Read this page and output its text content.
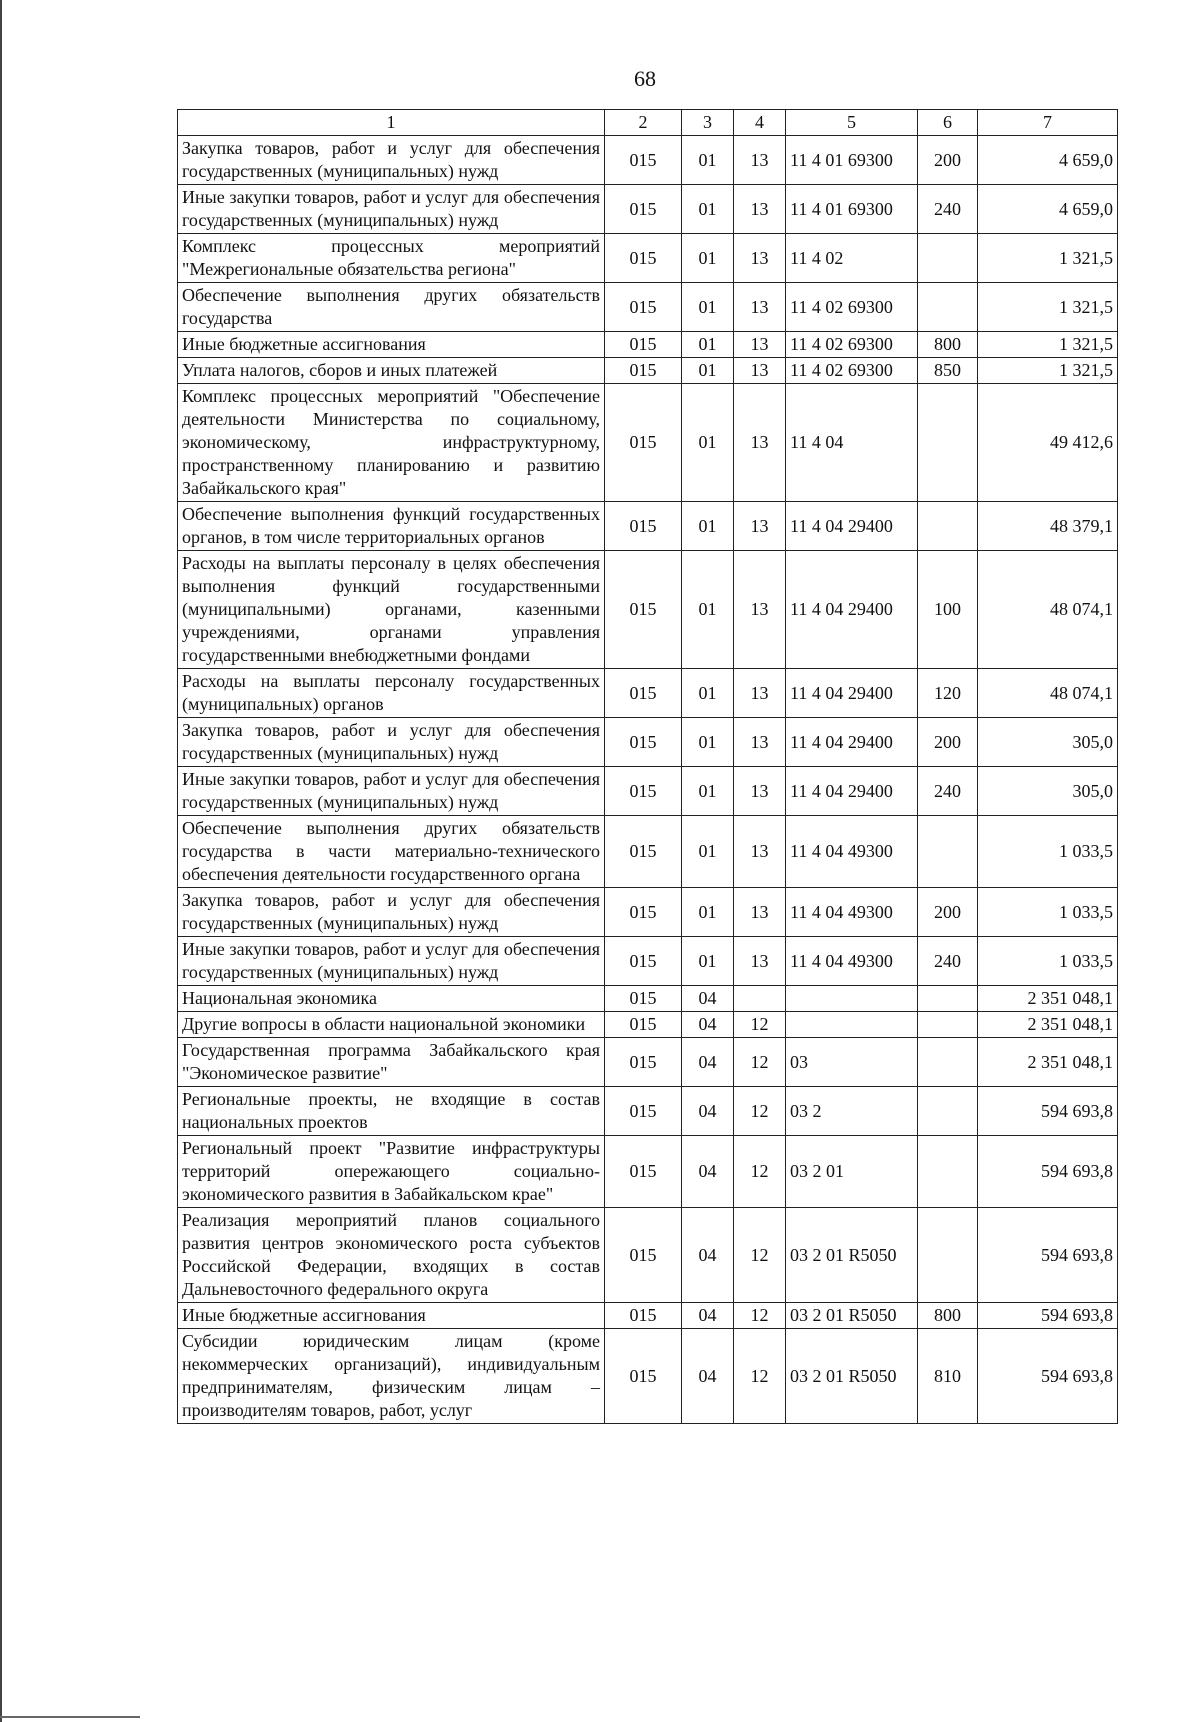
68
1	2	3	4	5	6	7
Закупка товаров, работ и услуг для обеспечения государственных (муниципальных) нужд	015	01	13	11 4 01 69300	200	4 659,0
Иные закупки товаров, работ и услуг для обеспечения государственных (муниципальных) нужд	015	01	13	11 4 01 69300	240	4 659,0
Комплекс процессных мероприятий "Межрегиональные обязательства региона"	015	01	13	11 4 02		1 321,5
Обеспечение выполнения других обязательств государства	015	01	13	11 4 02 69300		1 321,5
Иные бюджетные ассигнования	015	01	13	11 4 02 69300	800	1 321,5
Уплата налогов, сборов и иных платежей	015	01	13	11 4 02 69300	850	1 321,5
Комплекс процессных мероприятий "Обеспечение деятельности Министерства по социальному, экономическому, инфраструктурному, пространственному планированию и развитию Забайкальского края"	015	01	13	11 4 04		49 412,6
Обеспечение выполнения функций государственных органов, в том числе территориальных органов	015	01	13	11 4 04 29400		48 379,1
Расходы на выплаты персоналу в целях обеспечения выполнения функций государственными (муниципальными) органами, казенными учреждениями, органами управления государственными внебюджетными фондами	015	01	13	11 4 04 29400	100	48 074,1
Расходы на выплаты персоналу государственных (муниципальных) органов	015	01	13	11 4 04 29400	120	48 074,1
Закупка товаров, работ и услуг для обеспечения государственных (муниципальных) нужд	015	01	13	11 4 04 29400	200	305,0
Иные закупки товаров, работ и услуг для обеспечения государственных (муниципальных) нужд	015	01	13	11 4 04 29400	240	305,0
Обеспечение выполнения других обязательств государства в части материально-технического обеспечения деятельности государственного органа	015	01	13	11 4 04 49300		1 033,5
Закупка товаров, работ и услуг для обеспечения государственных (муниципальных) нужд	015	01	13	11 4 04 49300	200	1 033,5
Иные закупки товаров, работ и услуг для обеспечения государственных (муниципальных) нужд	015	01	13	11 4 04 49300	240	1 033,5
Национальная экономика	015	04				2 351 048,1
Другие вопросы в области национальной экономики	015	04	12			2 351 048,1
Государственная программа Забайкальского края "Экономическое развитие"	015	04	12	03		2 351 048,1
Региональные проекты, не входящие в состав национальных проектов	015	04	12	03 2		594 693,8
Региональный проект "Развитие инфраструктуры территорий опережающего социально-экономического развития в Забайкальском крае"	015	04	12	03 2 01		594 693,8
Реализация мероприятий планов социального развития центров экономического роста субъектов Российской Федерации, входящих в состав Дальневосточного федерального округа	015	04	12	03 2 01 R5050		594 693,8
Иные бюджетные ассигнования	015	04	12	03 2 01 R5050	800	594 693,8
Субсидии юридическим лицам (кроме некоммерческих организаций), индивидуальным предпринимателям, физическим лицам – производителям товаров, работ, услуг	015	04	12	03 2 01 R5050	810	594 693,8
